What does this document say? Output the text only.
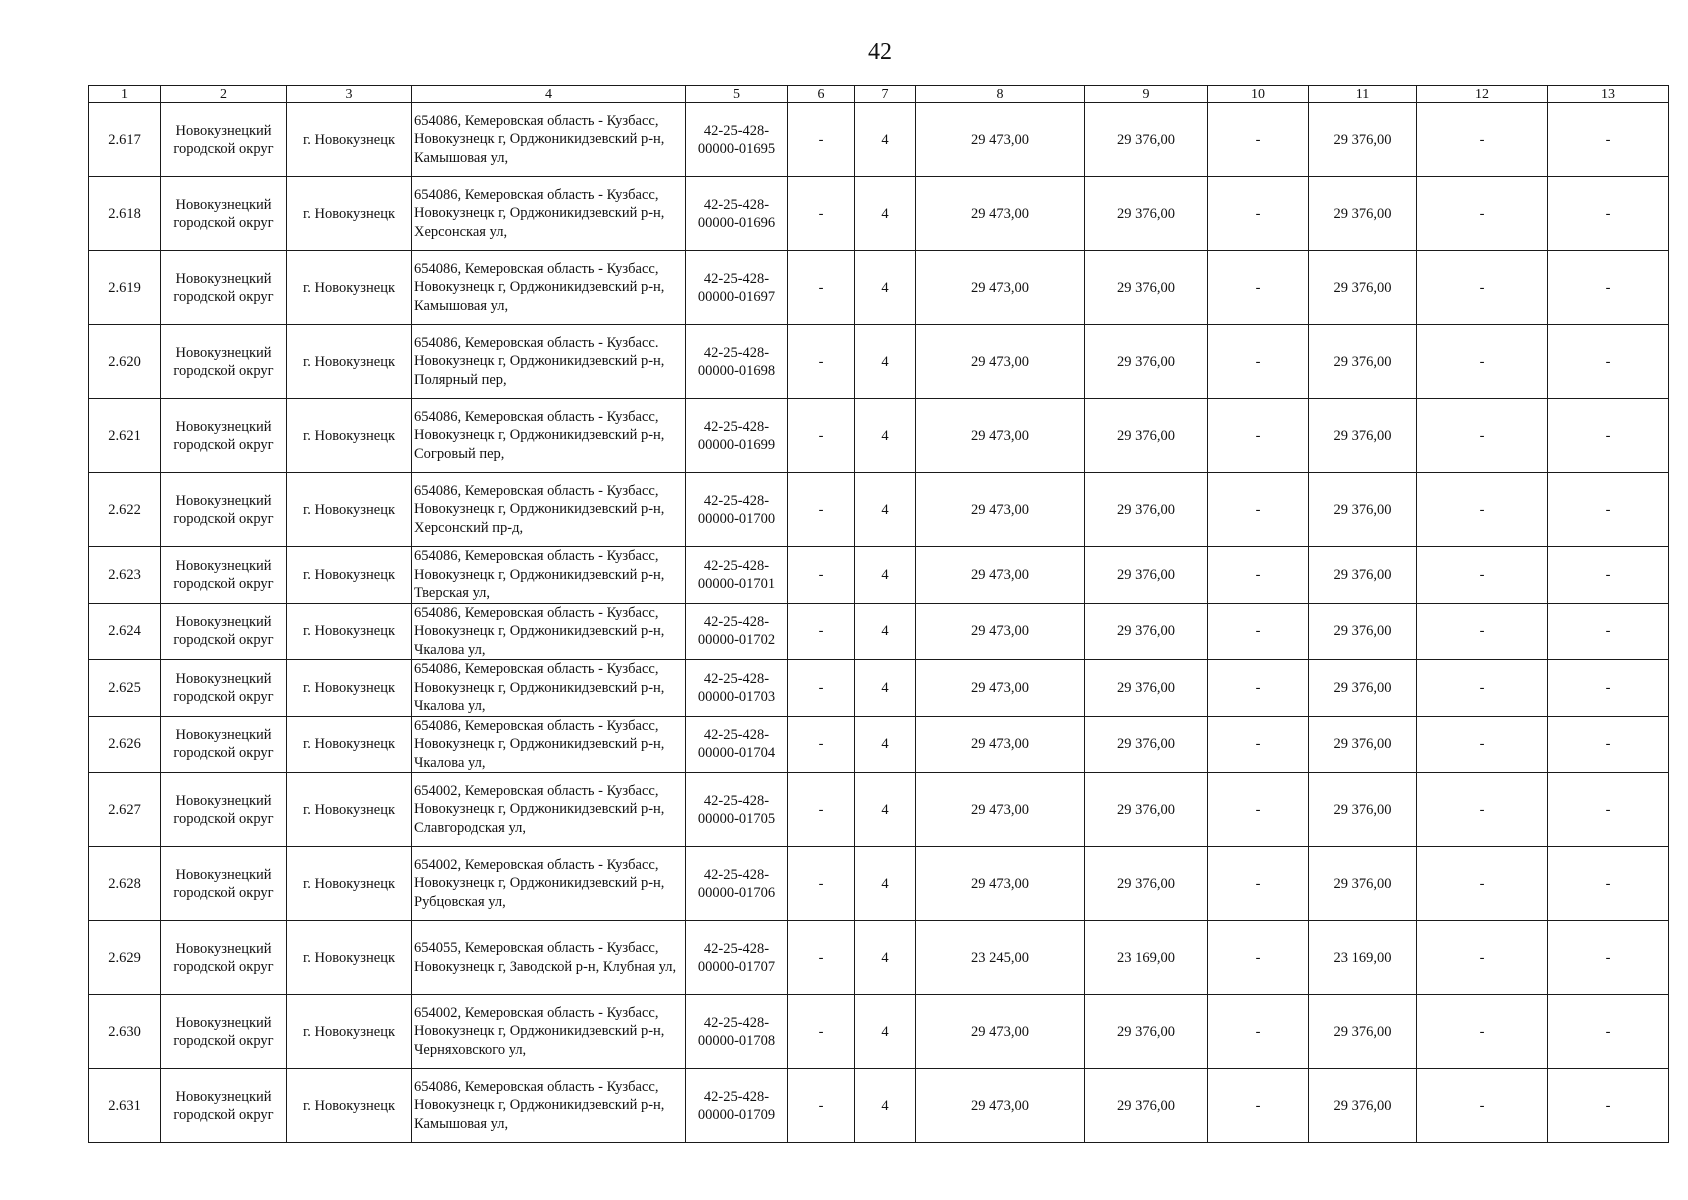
42
1	2	3	4	5	6	7	8	9	10	11	12	13
2.617	Новокузнецкий городской округ	г. Новокузнецк	654086, Кемеровская область - Кузбасс, Новокузнецк г, Орджоникидзевский р-н, Камышовая ул,	42-25-428-00000-01695	-	4	29 473,00	29 376,00	-	29 376,00	-	-
2.618	Новокузнецкий городской округ	г. Новокузнецк	654086, Кемеровская область - Кузбасс, Новокузнецк г, Орджоникидзевский р-н, Херсонская ул,	42-25-428-00000-01696	-	4	29 473,00	29 376,00	-	29 376,00	-	-
2.619	Новокузнецкий городской округ	г. Новокузнецк	654086, Кемеровская область - Кузбасс, Новокузнецк г, Орджоникидзевский р-н, Камышовая ул,	42-25-428-00000-01697	-	4	29 473,00	29 376,00	-	29 376,00	-	-
2.620	Новокузнецкий городской округ	г. Новокузнецк	654086, Кемеровская область - Кузбасс. Новокузнецк г, Орджоникидзевский р-н, Полярный пер,	42-25-428-00000-01698	-	4	29 473,00	29 376,00	-	29 376,00	-	-
2.621	Новокузнецкий городской округ	г. Новокузнецк	654086, Кемеровская область - Кузбасс, Новокузнецк г, Орджоникидзевский р-н, Согровый пер,	42-25-428-00000-01699	-	4	29 473,00	29 376,00	-	29 376,00	-	-
2.622	Новокузнецкий городской округ	г. Новокузнецк	654086, Кемеровская область - Кузбасс, Новокузнецк г, Орджоникидзевский р-н, Херсонский пр-д,	42-25-428-00000-01700	-	4	29 473,00	29 376,00	-	29 376,00	-	-
2.623	Новокузнецкий городской округ	г. Новокузнецк	654086, Кемеровская область - Кузбасс, Новокузнецк г, Орджоникидзевский р-н, Тверская ул,	42-25-428-00000-01701	-	4	29 473,00	29 376,00	-	29 376,00	-	-
2.624	Новокузнецкий городской округ	г. Новокузнецк	654086, Кемеровская область - Кузбасс, Новокузнецк г, Орджоникидзевский р-н, Чкалова ул,	42-25-428-00000-01702	-	4	29 473,00	29 376,00	-	29 376,00	-	-
2.625	Новокузнецкий городской округ	г. Новокузнецк	654086, Кемеровская область - Кузбасс, Новокузнецк г, Орджоникидзевский р-н, Чкалова ул,	42-25-428-00000-01703	-	4	29 473,00	29 376,00	-	29 376,00	-	-
2.626	Новокузнецкий городской округ	г. Новокузнецк	654086, Кемеровская область - Кузбасс, Новокузнецк г, Орджоникидзевский р-н, Чкалова ул,	42-25-428-00000-01704	-	4	29 473,00	29 376,00	-	29 376,00	-	-
2.627	Новокузнецкий городской округ	г. Новокузнецк	654002, Кемеровская область - Кузбасс, Новокузнецк г, Орджоникидзевский р-н, Славгородская ул,	42-25-428-00000-01705	-	4	29 473,00	29 376,00	-	29 376,00	-	-
2.628	Новокузнецкий городской округ	г. Новокузнецк	654002, Кемеровская область - Кузбасс, Новокузнецк г, Орджоникидзевский р-н, Рубцовская ул,	42-25-428-00000-01706	-	4	29 473,00	29 376,00	-	29 376,00	-	-
2.629	Новокузнецкий городской округ	г. Новокузнецк	654055, Кемеровская область - Кузбасс, Новокузнецк г, Заводской р-н, Клубная ул,	42-25-428-00000-01707	-	4	23 245,00	23 169,00	-	23 169,00	-	-
2.630	Новокузнецкий городской округ	г. Новокузнецк	654002, Кемеровская область - Кузбасс, Новокузнецк г, Орджоникидзевский р-н, Черняховского ул,	42-25-428-00000-01708	-	4	29 473,00	29 376,00	-	29 376,00	-	-
2.631	Новокузнецкий городской округ	г. Новокузнецк	654086, Кемеровская область - Кузбасс, Новокузнецк г, Орджоникидзевский р-н, Камышовая ул,	42-25-428-00000-01709	-	4	29 473,00	29 376,00	-	29 376,00	-	-
